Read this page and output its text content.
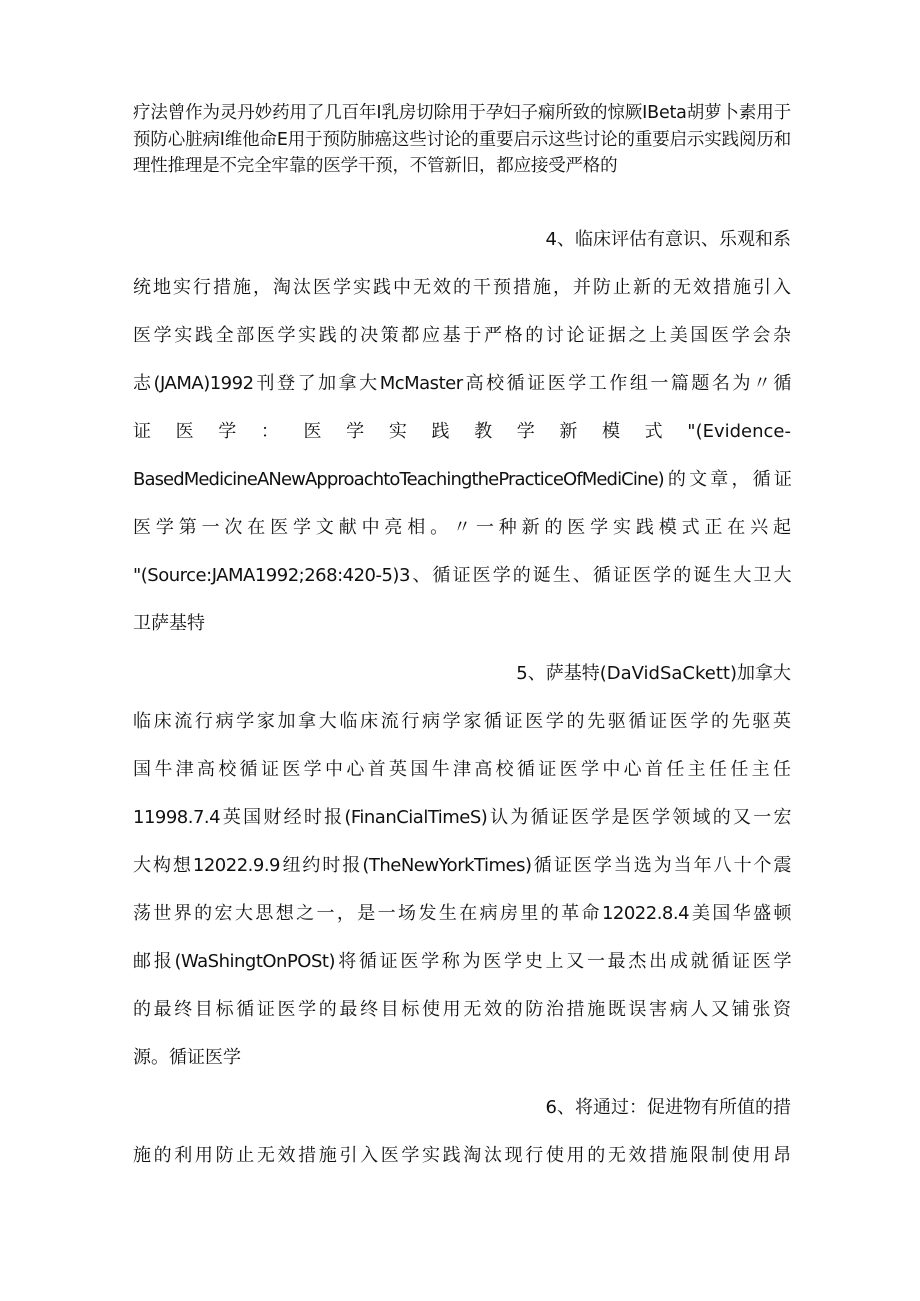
疗法曾作为灵丹妙药用了几百年I乳房切除用于孕妇子痫所致的惊厥IBeta胡萝卜素用于预防心脏病I维他命E用于预防肺癌这些讨论的重要启示这些讨论的重要启示实践阅历和理性推理是不完全牢靠的医学干预，不管新旧，都应接受严格的
4、临床评估有意识、乐观和系
统地实行措施，淘汰医学实践中无效的干预措施，并防止新的无效措施引入
医学实践全部医学实践的决策都应基于严格的讨论证据之上美国医学会杂
志(JAMA)1992刊登了加拿大McMaster高校循证医学工作组一篇题名为〃循
证 医 学 ： 医 学 实 践 教 学 新 模 式 "(Evidence-
BasedMedicineANewApproachtoTeachingthePracticeOfMediCine)的文章，循证
医学第一次在医学文献中亮相。〃一种新的医学实践模式正在兴起
"(Source:JAMA1992;268:420-5)3、循证医学的诞生、循证医学的诞生大卫大
卫萨基特
5、萨基特(DaVidSaCkett)加拿大
临床流行病学家加拿大临床流行病学家循证医学的先驱循证医学的先驱英
国牛津高校循证医学中心首英国牛津高校循证医学中心首任主任任主任
11998.7.4英国财经时报(FinanCialTimeS)认为循证医学是医学领域的又一宏
大构想12022.9.9纽约时报(TheNewYorkTimes)循证医学当选为当年八十个震
荡世界的宏大思想之一，是一场发生在病房里的革命12022.8.4美国华盛顿
邮报(WaShingtOnPOSt)将循证医学称为医学史上又一最杰出成就循证医学
的最终目标循证医学的最终目标使用无效的防治措施既误害病人又铺张资
源。循证医学
6、将通过：促进物有所值的措
施的利用防止无效措施引入医学实践淘汰现行使用的无效措施限制使用昂
